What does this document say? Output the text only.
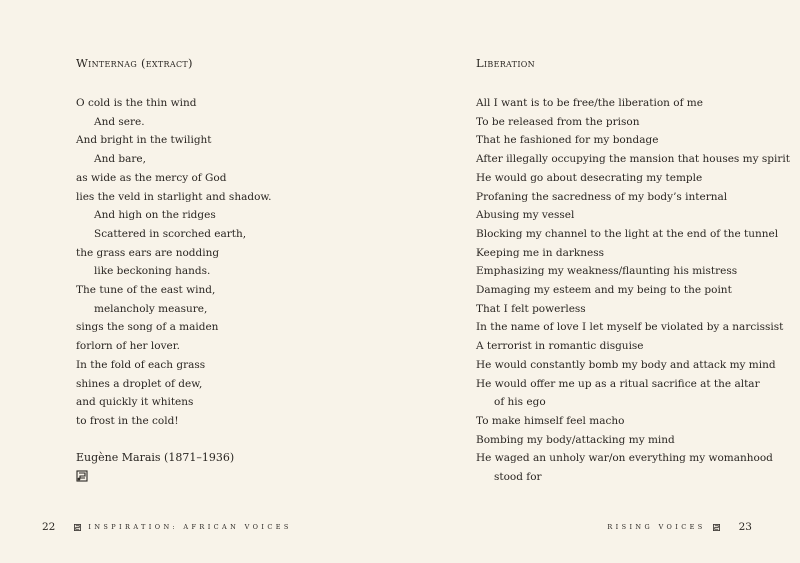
Winternag (extract)
O cold is the thin wind
And sere.
And bright in the twilight
And bare,
as wide as the mercy of God
lies the veld in starlight and shadow.
And high on the ridges
Scattered in scorched earth,
the grass ears are nodding
like beckoning hands.
The tune of the east wind,
melancholy measure,
sings the song of a maiden
forlorn of her lover.
In the fold of each grass
shines a droplet of dew,
and quickly it whitens
to frost in the cold!
Eugène Marais (1871–1936)
22	INSPIRATION: AFRICAN VOICES
Liberation
All I want is to be free/the liberation of me
To be released from the prison
That he fashioned for my bondage
After illegally occupying the mansion that houses my spirit
He would go about desecrating my temple
Profaning the sacredness of my body’s internal
Abusing my vessel
Blocking my channel to the light at the end of the tunnel
Keeping me in darkness
Emphasizing my weakness/flaunting his mistress
Damaging my esteem and my being to the point
That I felt powerless
In the name of love I let myself be violated by a narcissist
A terrorist in romantic disguise
He would constantly bomb my body and attack my mind
He would offer me up as a ritual sacrifice at the altar
of his ego
To make himself feel macho
Bombing my body/attacking my mind
He waged an unholy war/on everything my womanhood
stood for
RISING VOICES	23
